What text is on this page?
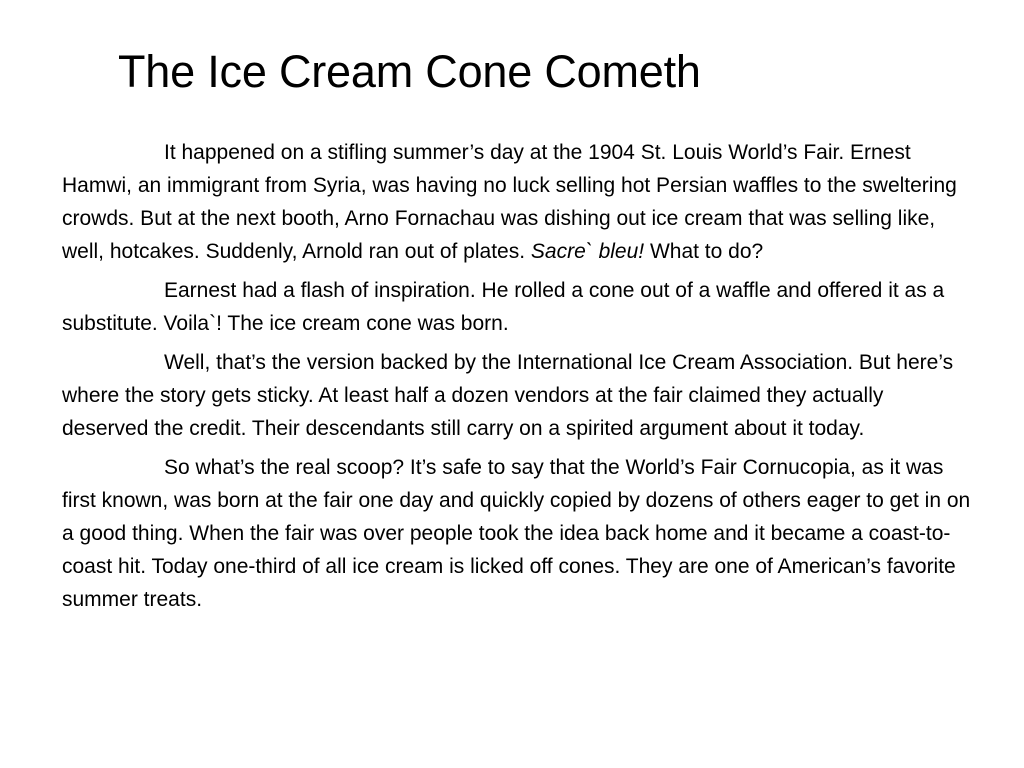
The Ice Cream Cone Cometh

It happened on a stifling summer’s day at the 1904 St. Louis World’s Fair. Ernest Hamwi, an immigrant from Syria, was having no luck selling hot Persian waffles to the sweltering crowds. But at the next booth, Arno Fornachau was dishing out ice cream that was selling like, well, hotcakes. Suddenly, Arnold ran out of plates. Sacre` bleu! What to do?

Earnest had a flash of inspiration. He rolled a cone out of a waffle and offered it as a substitute. Voila`! The ice cream cone was born.

Well, that’s the version backed by the International Ice Cream Association. But here’s where the story gets sticky. At least half a dozen vendors at the fair claimed they actually deserved the credit. Their descendants still carry on a spirited argument about it today.

So what’s the real scoop? It’s safe to say that the World’s Fair Cornucopia, as it was first known, was born at the fair one day and quickly copied by dozens of others eager to get in on a good thing. When the fair was over people took the idea back home and it became a coast-to-coast hit. Today one-third of all ice cream is licked off cones. They are one of American’s favorite summer treats.
